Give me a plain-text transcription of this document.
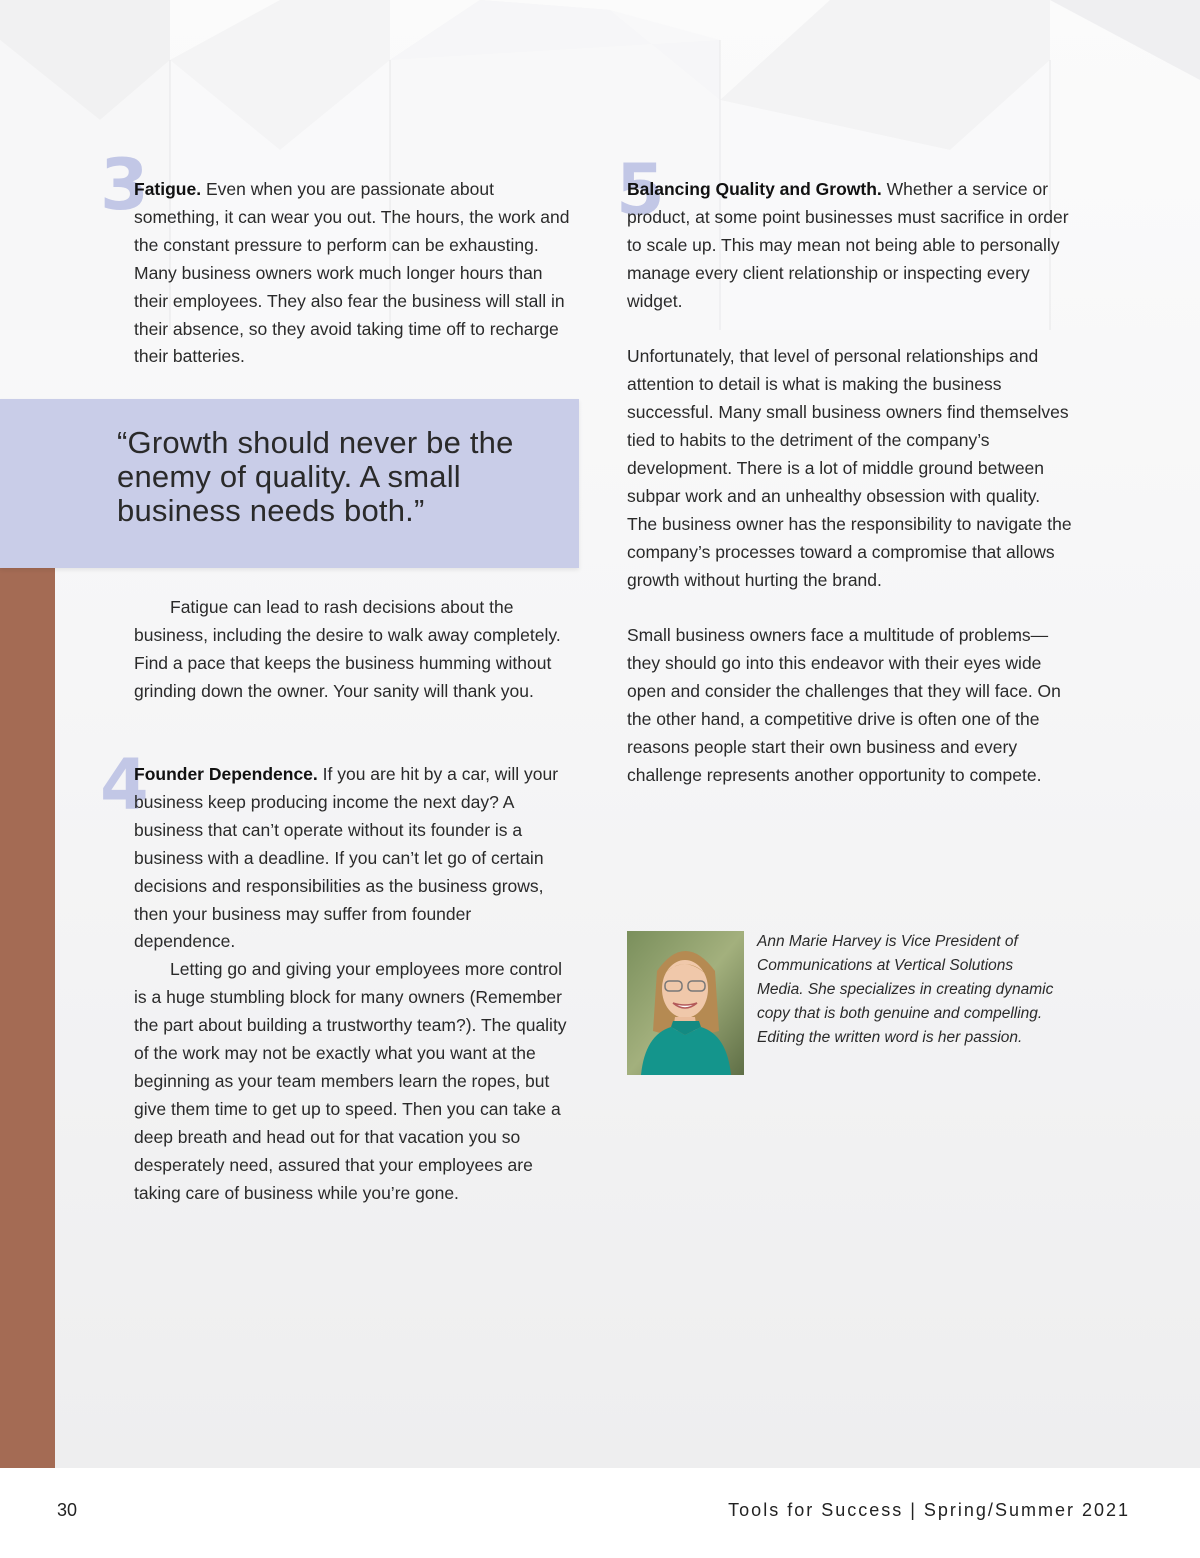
“Growth should never be the enemy of quality. A small business needs both.”
3

Fatigue. Even when you are passionate about something, it can wear you out. The hours, the work and the constant pressure to perform can be exhausting. Many business owners work much longer hours than their employees. They also fear the business will stall in their absence, so they avoid taking time off to recharge their batteries.

Fatigue can lead to rash decisions about the business, including the desire to walk away completely. Find a pace that keeps the business humming without grinding down the owner. Your sanity will thank you.

4

Founder Dependence. If you are hit by a car, will your business keep producing income the next day? A business that can’t operate without its founder is a business with a deadline. If you can’t let go of certain decisions and responsibilities as the business grows, then your business may suffer from founder dependence.

Letting go and giving your employees more control is a huge stumbling block for many owners (Remember the part about building a trustworthy team?). The quality of the work may not be exactly what you want at the beginning as your team members learn the ropes, but give them time to get up to speed. Then you can take a deep breath and head out for that vacation you so desperately need, assured that your employees are taking care of business while you’re gone.

5

Balancing Quality and Growth. Whether a service or product, at some point businesses must sacrifice in order to scale up. This may mean not being able to personally manage every client relationship or inspecting every widget.

Unfortunately, that level of personal relationships and attention to detail is what is making the business successful. Many small business owners find themselves tied to habits to the detriment of the company’s development. There is a lot of middle ground between subpar work and an unhealthy obsession with quality. The business owner has the responsibility to navigate the company’s processes toward a compromise that allows growth without hurting the brand.

Small business owners face a multitude of problems— they should go into this endeavor with their eyes wide open and consider the challenges that they will face. On the other hand, a competitive drive is often one of the reasons people start their own business and every challenge represents another opportunity to compete.

Ann Marie Harvey is Vice President of Communications at Vertical Solutions Media. She specializes in creating dynamic copy that is both genuine and compelling. Editing the written word is her passion.

30	Tools for Success | Spring/Summer 2021
